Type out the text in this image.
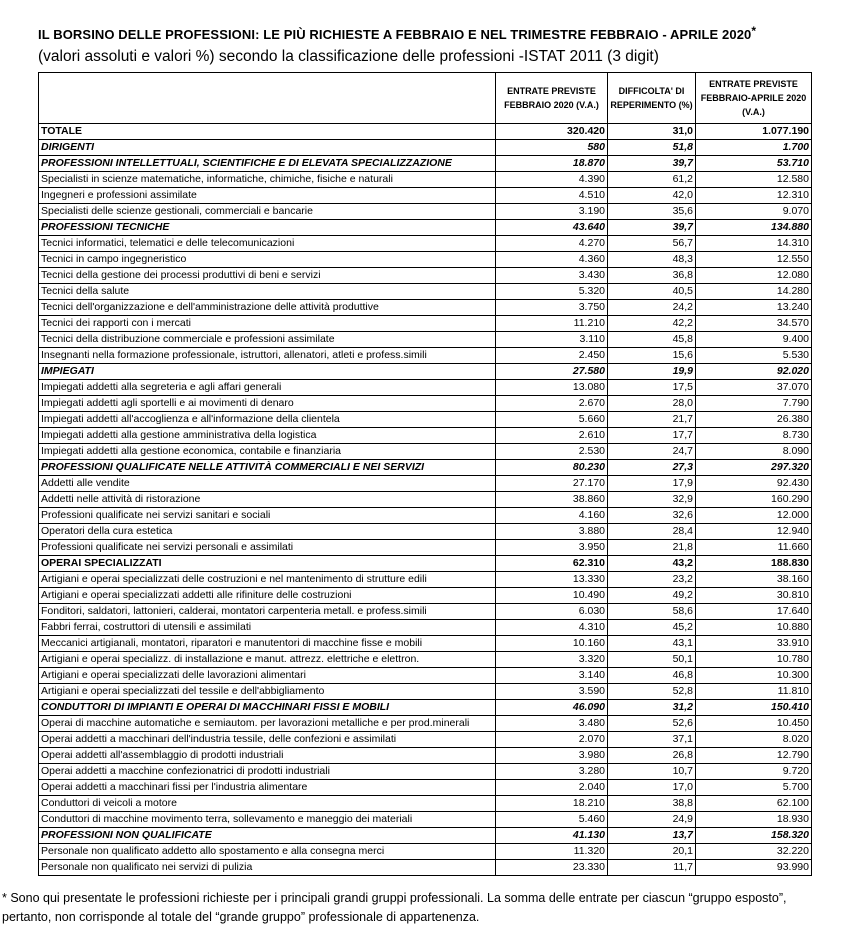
IL BORSINO DELLE PROFESSIONI: LE PIÙ RICHIESTE A FEBBRAIO E NEL TRIMESTRE FEBBRAIO - APRILE 2020*
(valori assoluti e valori %) secondo la classificazione delle professioni -ISTAT 2011 (3 digit)
	ENTRATE PREVISTE FEBBRAIO 2020 (V.A.)	DIFFICOLTA' DI REPERIMENTO (%)	ENTRATE PREVISTE FEBBRAIO-APRILE 2020 (V.A.)
TOTALE	320.420	31,0	1.077.190
DIRIGENTI	580	51,8	1.700
PROFESSIONI INTELLETTUALI, SCIENTIFICHE E DI ELEVATA SPECIALIZZAZIONE	18.870	39,7	53.710
Specialisti in scienze matematiche, informatiche, chimiche, fisiche e naturali	4.390	61,2	12.580
Ingegneri e professioni assimilate	4.510	42,0	12.310
Specialisti delle scienze gestionali, commerciali e bancarie	3.190	35,6	9.070
PROFESSIONI TECNICHE	43.640	39,7	134.880
Tecnici informatici, telematici e delle telecomunicazioni	4.270	56,7	14.310
Tecnici in campo ingegneristico	4.360	48,3	12.550
Tecnici della gestione dei processi produttivi di beni e servizi	3.430	36,8	12.080
Tecnici della salute	5.320	40,5	14.280
Tecnici dell'organizzazione e dell'amministrazione delle attività produttive	3.750	24,2	13.240
Tecnici dei rapporti con i mercati	11.210	42,2	34.570
Tecnici della distribuzione commerciale e professioni assimilate	3.110	45,8	9.400
Insegnanti nella formazione professionale, istruttori, allenatori, atleti e profess.simili	2.450	15,6	5.530
IMPIEGATI	27.580	19,9	92.020
Impiegati addetti alla segreteria e agli affari generali	13.080	17,5	37.070
Impiegati addetti agli sportelli e ai movimenti di denaro	2.670	28,0	7.790
Impiegati addetti all'accoglienza e all'informazione della clientela	5.660	21,7	26.380
Impiegati addetti alla gestione amministrativa della logistica	2.610	17,7	8.730
Impiegati addetti alla gestione economica, contabile e finanziaria	2.530	24,7	8.090
PROFESSIONI QUALIFICATE NELLE ATTIVITÀ COMMERCIALI E NEI SERVIZI	80.230	27,3	297.320
Addetti alle vendite	27.170	17,9	92.430
Addetti nelle attività di ristorazione	38.860	32,9	160.290
Professioni qualificate nei servizi sanitari e sociali	4.160	32,6	12.000
Operatori della cura estetica	3.880	28,4	12.940
Professioni qualificate nei servizi personali e assimilati	3.950	21,8	11.660
OPERAI SPECIALIZZATI	62.310	43,2	188.830
Artigiani e operai specializzati delle costruzioni e nel mantenimento di strutture edili	13.330	23,2	38.160
Artigiani e operai specializzati addetti alle rifiniture delle costruzioni	10.490	49,2	30.810
Fonditori, saldatori, lattonieri, calderai, montatori carpenteria metall. e profess.simili	6.030	58,6	17.640
Fabbri ferrai, costruttori di utensili e assimilati	4.310	45,2	10.880
Meccanici artigianali, montatori, riparatori e manutentori di macchine fisse e mobili	10.160	43,1	33.910
Artigiani e operai specializz. di installazione e manut. attrezz. elettriche e elettron.	3.320	50,1	10.780
Artigiani e operai specializzati delle lavorazioni alimentari	3.140	46,8	10.300
Artigiani e operai specializzati del tessile e dell'abbigliamento	3.590	52,8	11.810
CONDUTTORI DI IMPIANTI E OPERAI DI MACCHINARI FISSI E MOBILI	46.090	31,2	150.410
Operai di macchine automatiche e semiautom. per lavorazioni metalliche e per prod.minerali	3.480	52,6	10.450
Operai addetti a macchinari dell'industria tessile, delle confezioni e assimilati	2.070	37,1	8.020
Operai addetti all'assemblaggio di prodotti industriali	3.980	26,8	12.790
Operai addetti a macchine confezionatrici di prodotti industriali	3.280	10,7	9.720
Operai addetti a macchinari fissi per l'industria alimentare	2.040	17,0	5.700
Conduttori di veicoli a motore	18.210	38,8	62.100
Conduttori di macchine movimento terra, sollevamento e maneggio dei materiali	5.460	24,9	18.930
PROFESSIONI NON QUALIFICATE	41.130	13,7	158.320
Personale non qualificato addetto allo spostamento e alla consegna merci	11.320	20,1	32.220
Personale non qualificato nei servizi di pulizia	23.330	11,7	93.990
* Sono qui presentate le professioni richieste per i principali grandi gruppi professionali. La somma delle entrate per ciascun “gruppo esposto”, pertanto, non corrisponde al totale del “grande gruppo” professionale di appartenenza.
